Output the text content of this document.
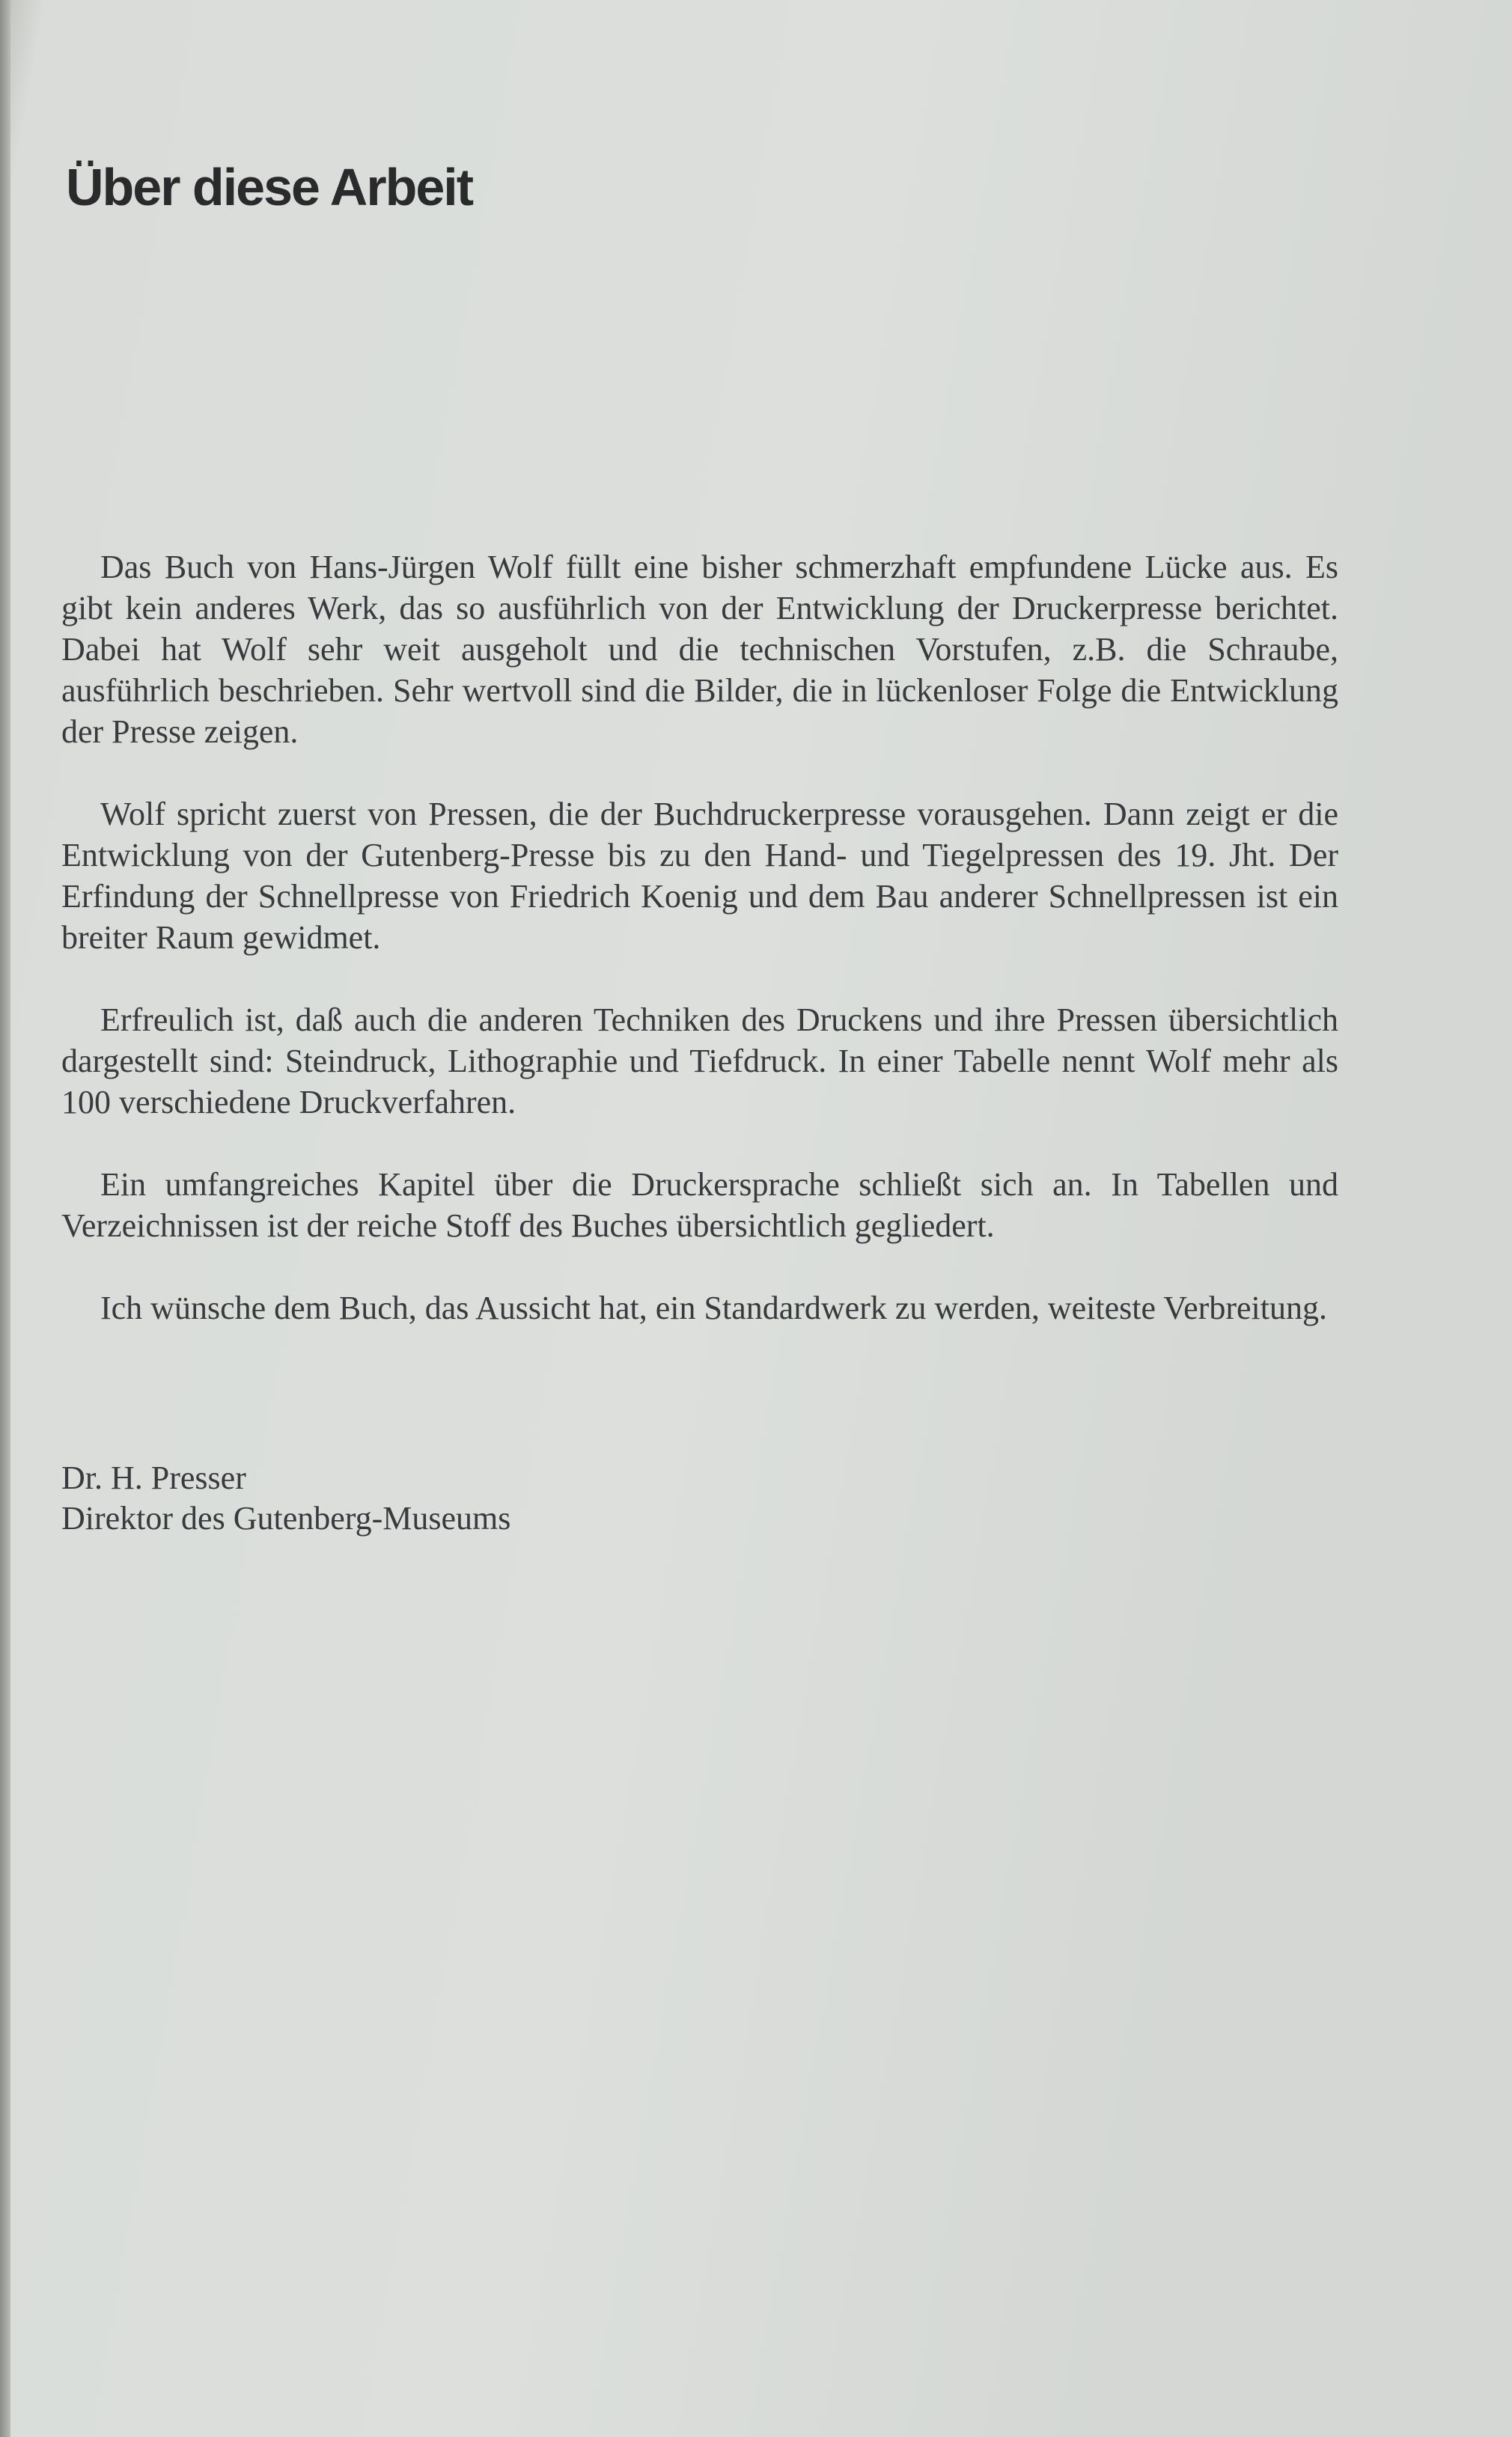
Über diese Arbeit

Das Buch von Hans-Jürgen Wolf füllt eine bisher schmerzhaft empfundene Lücke aus. Es gibt kein anderes Werk, das so ausführlich von der Entwicklung der Druckerpresse berichtet. Dabei hat Wolf sehr weit ausgeholt und die technischen Vorstufen, z.B. die Schraube, ausführlich beschrieben. Sehr wertvoll sind die Bilder, die in lückenloser Folge die Entwicklung der Presse zeigen.

Wolf spricht zuerst von Pressen, die der Buchdruckerpresse vorausgehen. Dann zeigt er die Entwicklung von der Gutenberg-Presse bis zu den Hand- und Tiegelpressen des 19. Jht. Der Erfindung der Schnellpresse von Friedrich Koenig und dem Bau anderer Schnellpressen ist ein breiter Raum gewidmet.

Erfreulich ist, daß auch die anderen Techniken des Druckens und ihre Pressen übersichtlich dargestellt sind: Steindruck, Lithographie und Tiefdruck. In einer Tabelle nennt Wolf mehr als 100 verschiedene Druckverfahren.

Ein umfangreiches Kapitel über die Druckersprache schließt sich an. In Tabellen und Verzeichnissen ist der reiche Stoff des Buches übersichtlich gegliedert.

Ich wünsche dem Buch, das Aussicht hat, ein Standardwerk zu werden, weiteste Verbreitung.

Dr. H. Presser
Direktor des Gutenberg-Museums
